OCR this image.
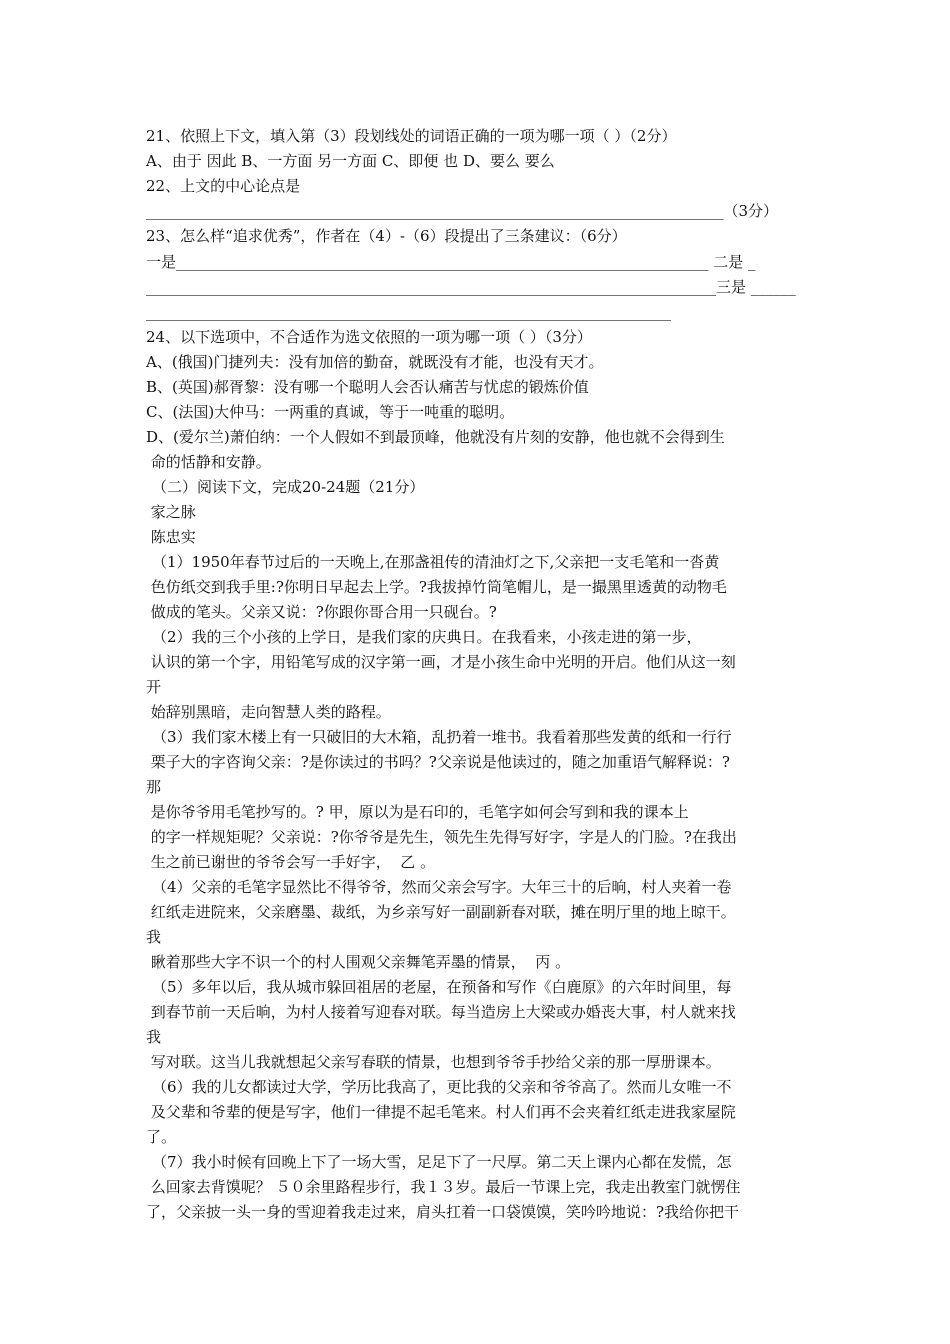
21、依照上下文，填入第（3）段划线处的词语正确的一项为哪一项（ ）（2分）
A、由于 因此 B、一方面 另一方面 C、即便 也 D、要么 要么
22、上文的中心论点是
_____________________________________________________________________________（3分）
23、怎么样“追求优秀”，作者在（4）-（6）段提出了三条建议：（6分）
一是_______________________________________________________________________ 二是 _
____________________________________________________________________________三是 ______
______________________________________________________________________
24、以下选项中，不合适作为选文依照的一项为哪一项（ ）（3分）
A、(俄国)门捷列夫：没有加倍的勤奋，就既没有才能，也没有天才。
B、(英国)郝胥黎：没有哪一个聪明人会否认痛苦与忧虑的锻炼价值
C、(法国)大仲马：一两重的真诚，等于一吨重的聪明。
D、(爱尔兰)萧伯纳：一个人假如不到最顶峰，他就没有片刻的安静，他也就不会得到生
命的恬静和安静。
（二）阅读下文，完成20-24题（21分）
家之脉
陈忠实
（1）1950年春节过后的一天晚上,在那盏祖传的清油灯之下,父亲把一支毛笔和一沓黄
色仿纸交到我手里:?你明日早起去上学。?我拔掉竹筒笔帽儿，是一撮黑里透黄的动物毛
做成的笔头。父亲又说：?你跟你哥合用一只砚台。?
（2）我的三个小孩的上学日，是我们家的庆典日。在我看来，小孩走进的第一步，
认识的第一个字，用铅笔写成的汉字第一画，才是小孩生命中光明的开启。他们从这一刻
开
始辞别黑暗，走向智慧人类的路程。
（3）我们家木楼上有一只破旧的大木箱，乱扔着一堆书。我看着那些发黄的纸和一行行
栗子大的字咨询父亲：?是你读过的书吗？?父亲说是他读过的，随之加重语气解释说：?
那
是你爷爷用毛笔抄写的。? 甲，原以为是石印的，毛笔字如何会写到和我的课本上
的字一样规矩呢？父亲说：?你爷爷是先生，领先生先得写好字，字是人的门脸。?在我出
生之前已谢世的爷爷会写一手好字，  乙 。
（4）父亲的毛笔字显然比不得爷爷，然而父亲会写字。大年三十的后晌，村人夹着一卷
红纸走进院来，父亲磨墨、裁纸，为乡亲写好一副副新春对联，摊在明厅里的地上晾干。
我
瞅着那些大字不识一个的村人围观父亲舞笔弄墨的情景，  丙 。
（5）多年以后，我从城市躲回祖居的老屋，在预备和写作《白鹿原》的六年时间里，每
到春节前一天后晌，为村人接着写迎春对联。每当造房上大梁或办婚丧大事，村人就来找
我
写对联。这当儿我就想起父亲写春联的情景，也想到爷爷手抄给父亲的那一厚册课本。
（6）我的儿女都读过大学，学历比我高了，更比我的父亲和爷爷高了。然而儿女唯一不
及父辈和爷辈的便是写字，他们一律提不起毛笔来。村人们再不会夹着红纸走进我家屋院
了。
（7）我小时候有回晚上下了一场大雪，足足下了一尺厚。第二天上课内心都在发慌，怎
么回家去背馍呢？ ５０余里路程步行，我１３岁。最后一节课上完，我走出教室门就愣住
了，父亲披一头一身的雪迎着我走过来，肩头扛着一口袋馍馍，笑吟吟地说：?我给你把干
